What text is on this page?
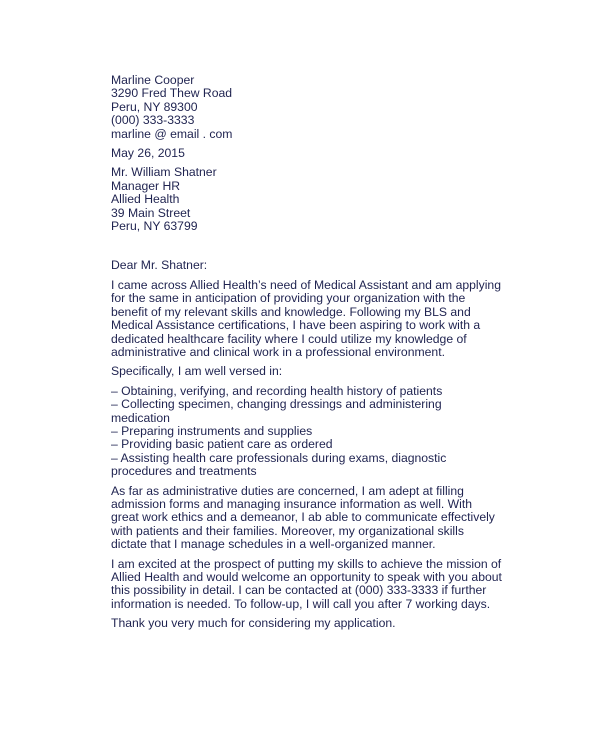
Marline Cooper
3290 Fred Thew Road
Peru, NY 89300
(000) 333-3333
marline @ email . com
May 26, 2015
Mr. William Shatner
Manager HR
Allied Health
39 Main Street
Peru, NY 63799
Dear Mr. Shatner:
I came across Allied Health’s need of Medical Assistant and am applying
for the same in anticipation of providing your organization with the
benefit of my relevant skills and knowledge. Following my BLS and
Medical Assistance certifications, I have been aspiring to work with a
dedicated healthcare facility where I could utilize my knowledge of
administrative and clinical work in a professional environment.
Specifically, I am well versed in:
– Obtaining, verifying, and recording health history of patients
– Collecting specimen, changing dressings and administering
medication
– Preparing instruments and supplies
– Providing basic patient care as ordered
– Assisting health care professionals during exams, diagnostic
procedures and treatments
As far as administrative duties are concerned, I am adept at filling
admission forms and managing insurance information as well. With
great work ethics and a demeanor, I ab able to communicate effectively
with patients and their families. Moreover, my organizational skills
dictate that I manage schedules in a well-organized manner.
I am excited at the prospect of putting my skills to achieve the mission of
Allied Health and would welcome an opportunity to speak with you about
this possibility in detail. I can be contacted at (000) 333-3333 if further
information is needed. To follow-up, I will call you after 7 working days.
Thank you very much for considering my application.
